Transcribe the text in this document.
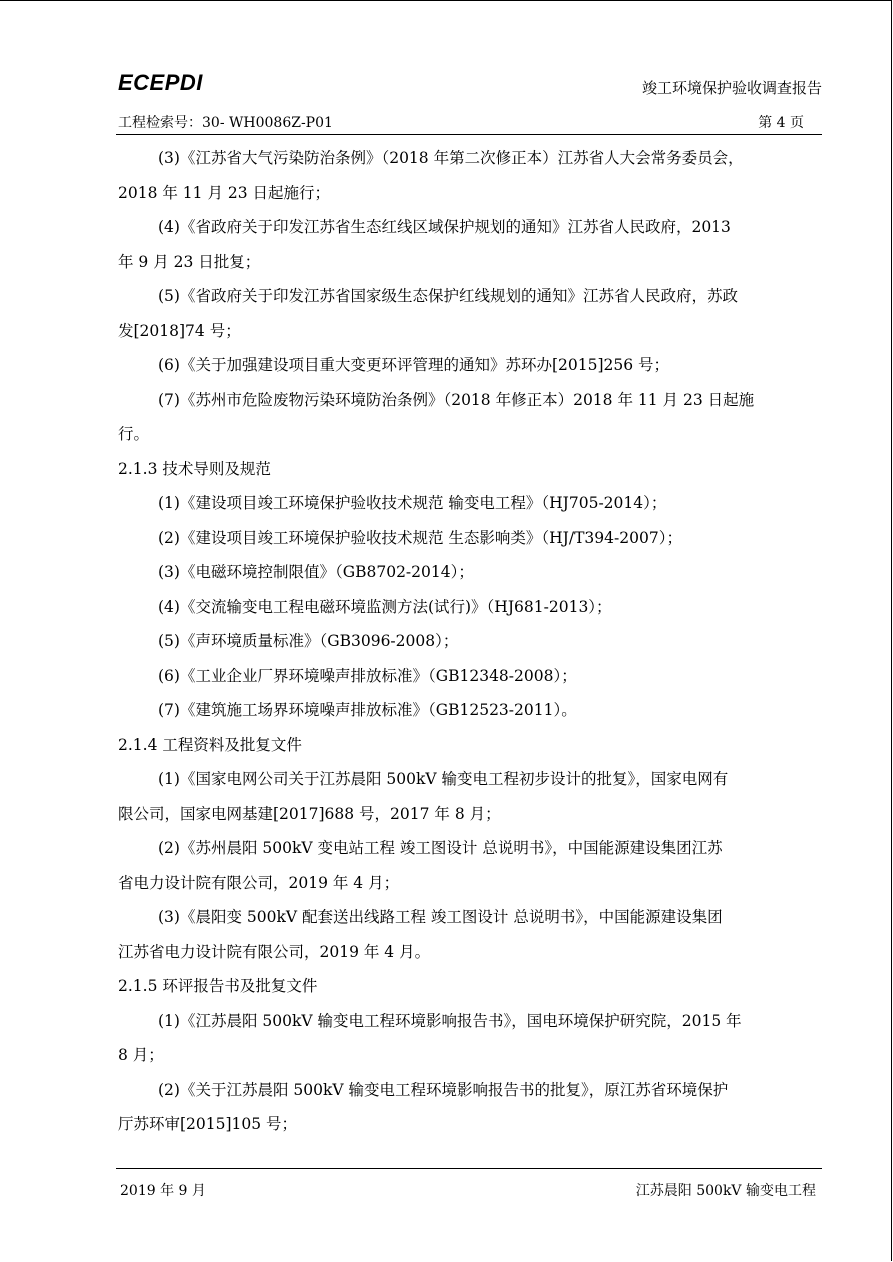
ECEPDI	竣工环境保护验收调查报告
工程检索号：30- WH0086Z-P01	第 4 页

(3)《江苏省大气污染防治条例》（2018 年第二次修正本）江苏省人大会常务委员会，

2018 年 11 月 23 日起施行；

(4)《省政府关于印发江苏省生态红线区域保护规划的通知》江苏省人民政府，2013

年 9 月 23 日批复；

(5)《省政府关于印发江苏省国家级生态保护红线规划的通知》江苏省人民政府，苏政

发[2018]74 号；

(6)《关于加强建设项目重大变更环评管理的通知》苏环办[2015]256 号；

(7)《苏州市危险废物污染环境防治条例》（2018 年修正本）2018 年 11 月 23 日起施

行。

2.1.3 技术导则及规范

(1)《建设项目竣工环境保护验收技术规范 输变电工程》（HJ705-2014）；

(2)《建设项目竣工环境保护验收技术规范 生态影响类》（HJ/T394-2007）；

(3)《电磁环境控制限值》（GB8702-2014）；

(4)《交流输变电工程电磁环境监测方法(试行)》（HJ681-2013）；

(5)《声环境质量标准》（GB3096-2008）；

(6)《工业企业厂界环境噪声排放标准》（GB12348-2008）；

(7)《建筑施工场界环境噪声排放标准》（GB12523-2011）。

2.1.4 工程资料及批复文件

(1)《国家电网公司关于江苏晨阳 500kV 输变电工程初步设计的批复》，国家电网有

限公司，国家电网基建[2017]688 号，2017 年 8 月；

(2)《苏州晨阳 500kV 变电站工程 竣工图设计 总说明书》，中国能源建设集团江苏

省电力设计院有限公司，2019 年 4 月；

(3)《晨阳变 500kV 配套送出线路工程 竣工图设计 总说明书》，中国能源建设集团

江苏省电力设计院有限公司，2019 年 4 月。

2.1.5 环评报告书及批复文件

(1)《江苏晨阳 500kV 输变电工程环境影响报告书》，国电环境保护研究院，2015 年

8 月；

(2)《关于江苏晨阳 500kV 输变电工程环境影响报告书的批复》，原江苏省环境保护

厅苏环审[2015]105 号；

2019 年 9 月	江苏晨阳 500kV 输变电工程
